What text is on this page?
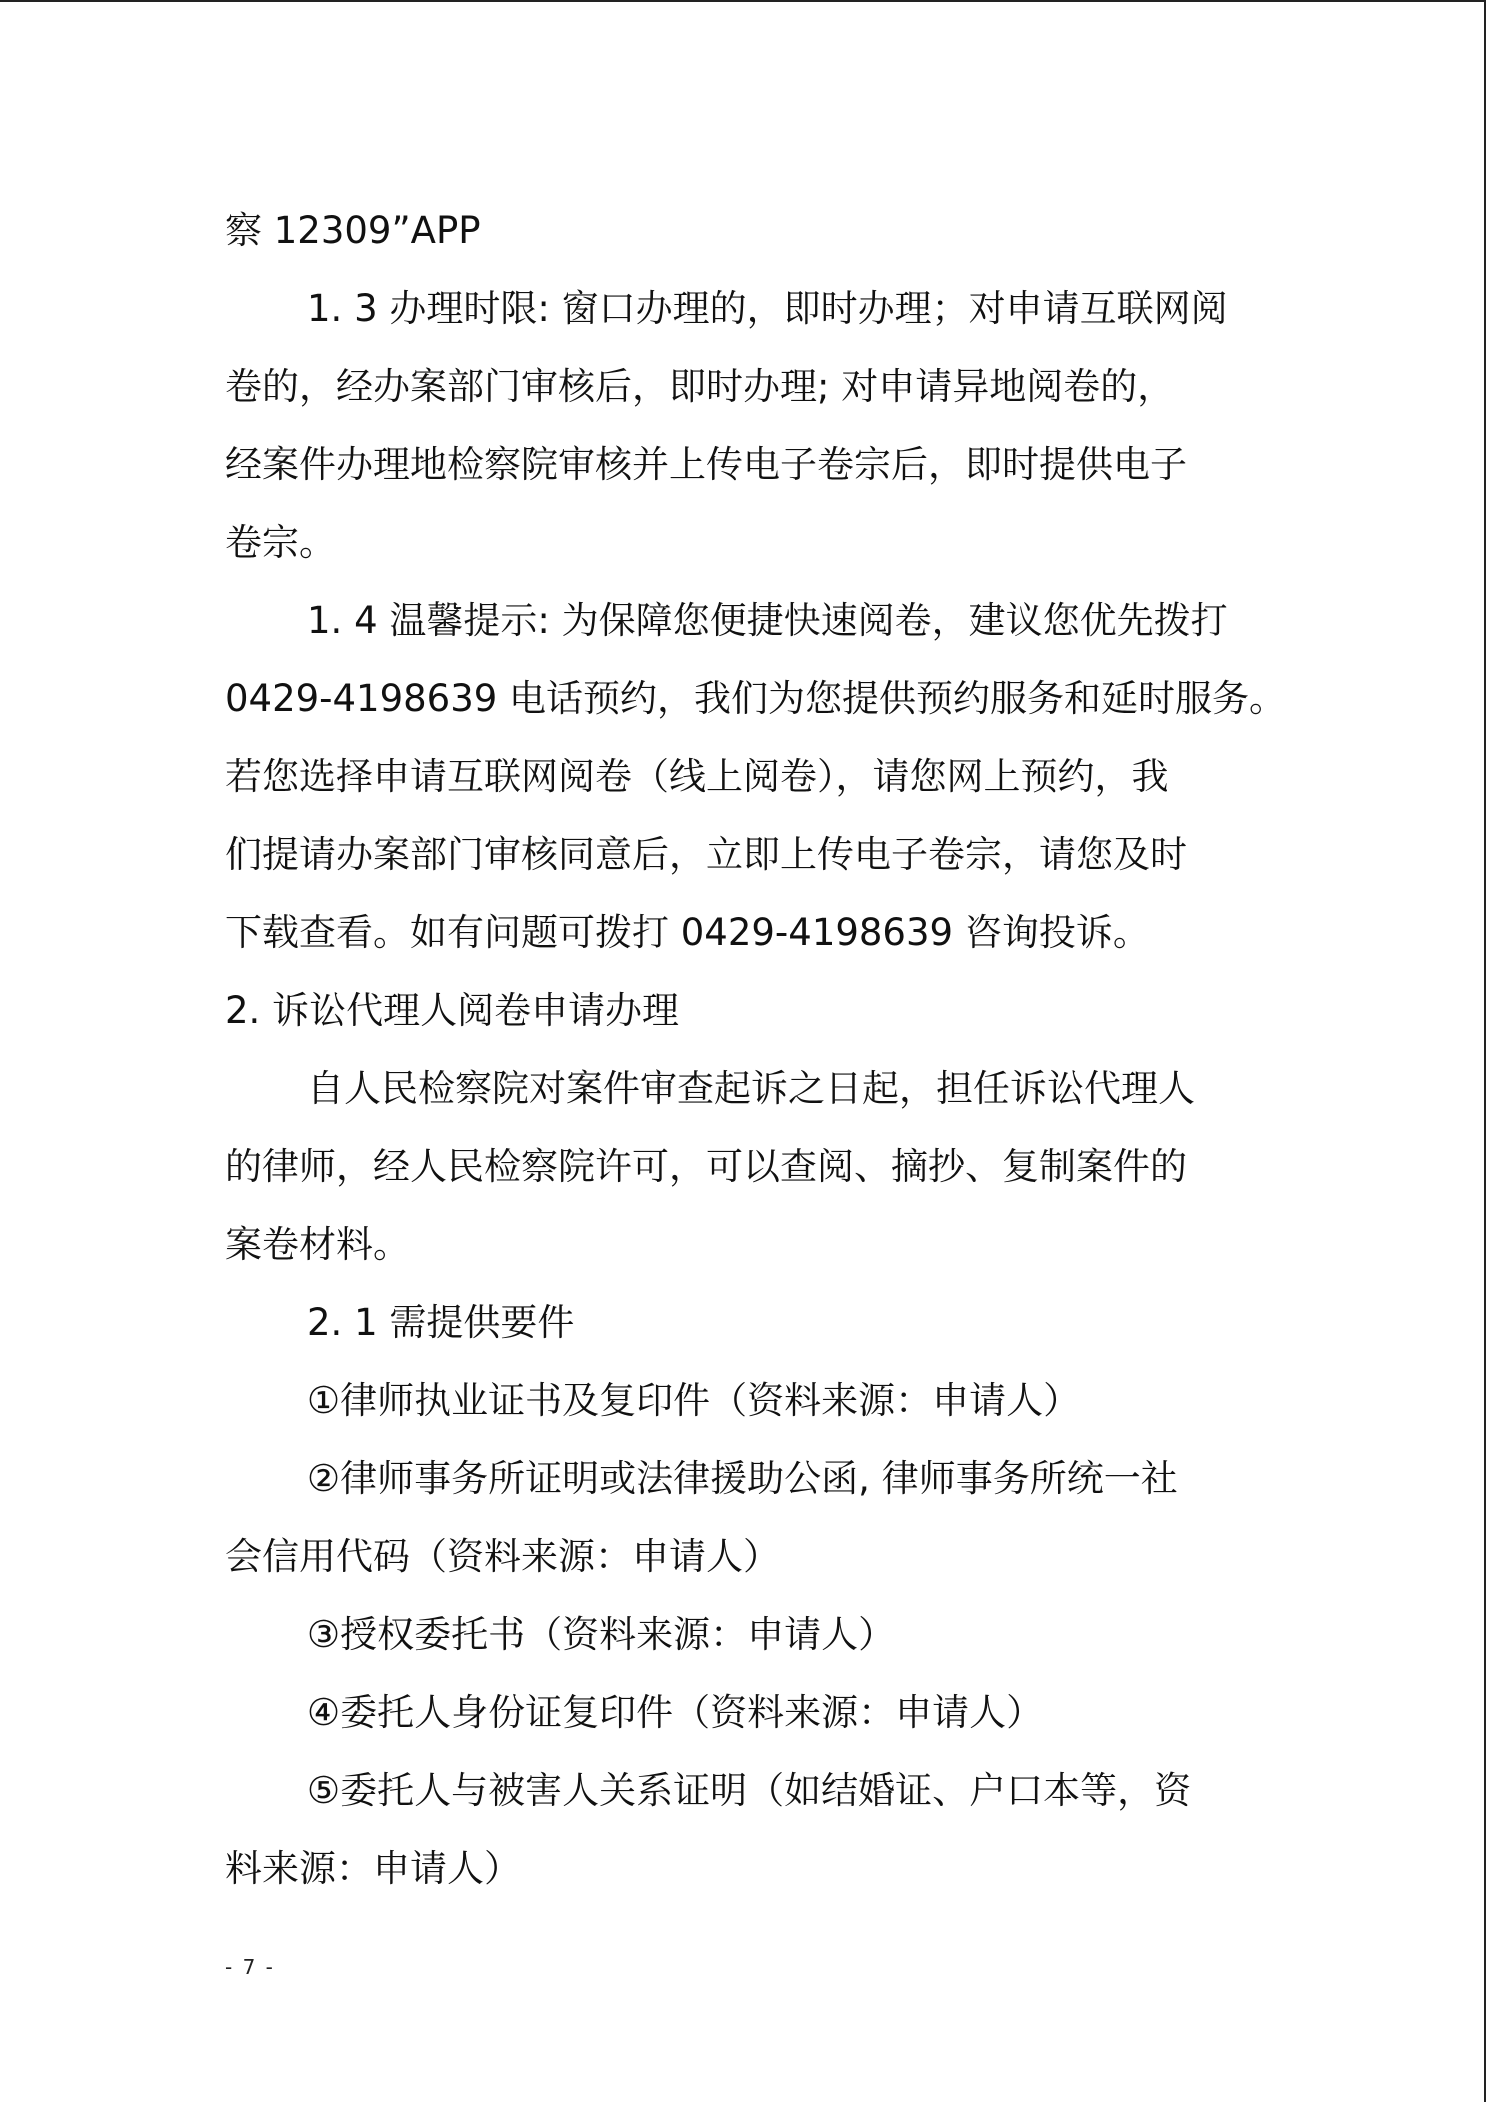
察 12309”APP
1. 3 办理时限: 窗口办理的，即时办理；对申请互联网阅
卷的，经办案部门审核后，即时办理; 对申请异地阅卷的，
经案件办理地检察院审核并上传电子卷宗后，即时提供电子
卷宗。
1. 4 温馨提示: 为保障您便捷快速阅卷，建议您优先拨打
0429-4198639 电话预约，我们为您提供预约服务和延时服务。
若您选择申请互联网阅卷（线上阅卷），请您网上预约，我
们提请办案部门审核同意后，立即上传电子卷宗，请您及时
下载查看。如有问题可拨打 0429-4198639 咨询投诉。
2. 诉讼代理人阅卷申请办理
自人民检察院对案件审查起诉之日起，担任诉讼代理人
的律师，经人民检察院许可，可以查阅、摘抄、复制案件的
案卷材料。
2. 1 需提供要件
①律师执业证书及复印件（资料来源：申请人）
②律师事务所证明或法律援助公函, 律师事务所统一社
会信用代码（资料来源：申请人）
③授权委托书（资料来源：申请人）
④委托人身份证复印件（资料来源：申请人）
⑤委托人与被害人关系证明（如结婚证、户口本等，资
料来源：申请人）
- 7 -
